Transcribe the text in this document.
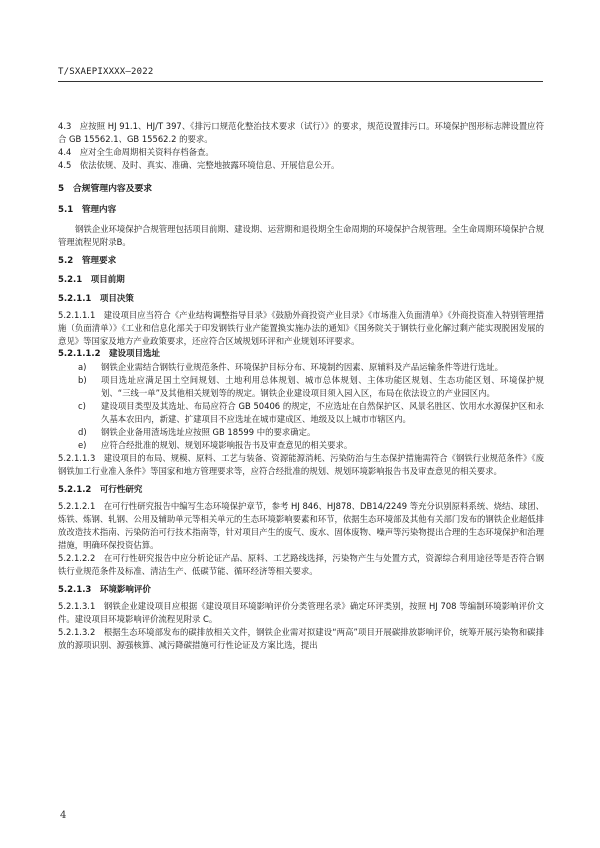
T/SXAEPIXXXX—2022

4.3　应按照 HJ 91.1、HJ/T 397、《排污口规范化整治技术要求（试行）》的要求，规范设置排污口。环境保护图形标志牌设置应符合 GB 15562.1、GB 15562.2 的要求。

4.4　应对全生命周期相关资料存档备查。

4.5　依法依规、及时、真实、准确、完整地披露环境信息、开展信息公开。

5　合规管理内容及要求

5.1　管理内容

钢铁企业环境保护合规管理包括项目前期、建设期、运营期和退役期全生命周期的环境保护合规管理。全生命周期环境保护合规管理流程见附录B。

5.2　管理要求

5.2.1　项目前期

5.2.1.1　项目决策

5.2.1.1.1　建设项目应当符合《产业结构调整指导目录》《鼓励外商投资产业目录》《市场准入负面清单》《外商投资准入特别管理措施（负面清单）》《工业和信息化部关于印发钢铁行业产能置换实施办法的通知》《国务院关于钢铁行业化解过剩产能实现脱困发展的意见》等国家及地方产业政策要求，还应符合区域规划环评和产业规划环评要求。

5.2.1.1.2　建设项目选址

a)	钢铁企业需结合钢铁行业规范条件、环境保护目标分布、环境制约因素、原辅料及产品运输条件等进行选址。
b)	项目选址应满足国土空间规划、土地利用总体规划、城市总体规划、主体功能区规划、生态功能区划、环境保护规划、“三线一单”及其他相关规划等的规定。钢铁企业建设项目须入园入区，布局在依法设立的产业园区内。
c)	建设项目类型及其选址、布局应符合 GB 50406 的规定，不应选址在自然保护区、风景名胜区、饮用水水源保护区和永久基本农田内，新建、扩建项目不应选址在城市建成区、地级及以上城市市辖区内。
d)	钢铁企业备用渣场选址应按照 GB 18599 中的要求确定。
e)	应符合经批准的规划、规划环境影响报告书及审查意见的相关要求。

5.2.1.1.3　建设项目的布局、规模、原料、工艺与装备、资源能源消耗、污染防治与生态保护措施需符合《钢铁行业规范条件》《废钢铁加工行业准入条件》等国家和地方管理要求等，应符合经批准的规划、规划环境影响报告书及审查意见的相关要求。

5.2.1.2　可行性研究

5.2.1.2.1　在可行性研究报告中编写生态环境保护章节，参考 HJ 846、HJ878、DB14/2249 等充分识别原料系统、烧结、球团、炼铁、炼钢、轧钢、公用及辅助单元等相关单元的生态环境影响要素和环节，依据生态环境部及其他有关部门发布的钢铁企业超低排放改造技术指南、污染防治可行技术指南等，针对项目产生的废气、废水、固体废物、噪声等污染物提出合理的生态环境保护和治理措施，明确环保投资估算。

5.2.1.2.2　在可行性研究报告中应分析论证产品、原料、工艺路线选择，污染物产生与处置方式，资源综合利用途径等是否符合钢铁行业规范条件及标准、清洁生产、低碳节能、循环经济等相关要求。

5.2.1.3　环境影响评价

5.2.1.3.1　钢铁企业建设项目应根据《建设项目环境影响评价分类管理名录》确定环评类别，按照 HJ 708 等编制环境影响评价文件。建设项目环境影响评价流程见附录 C。

5.2.1.3.2　根据生态环境部发布的碳排放相关文件，钢铁企业需对拟建设“两高”项目开展碳排放影响评价，统筹开展污染物和碳排放的源项识别、源强核算、减污降碳措施可行性论证及方案比选，提出

4
